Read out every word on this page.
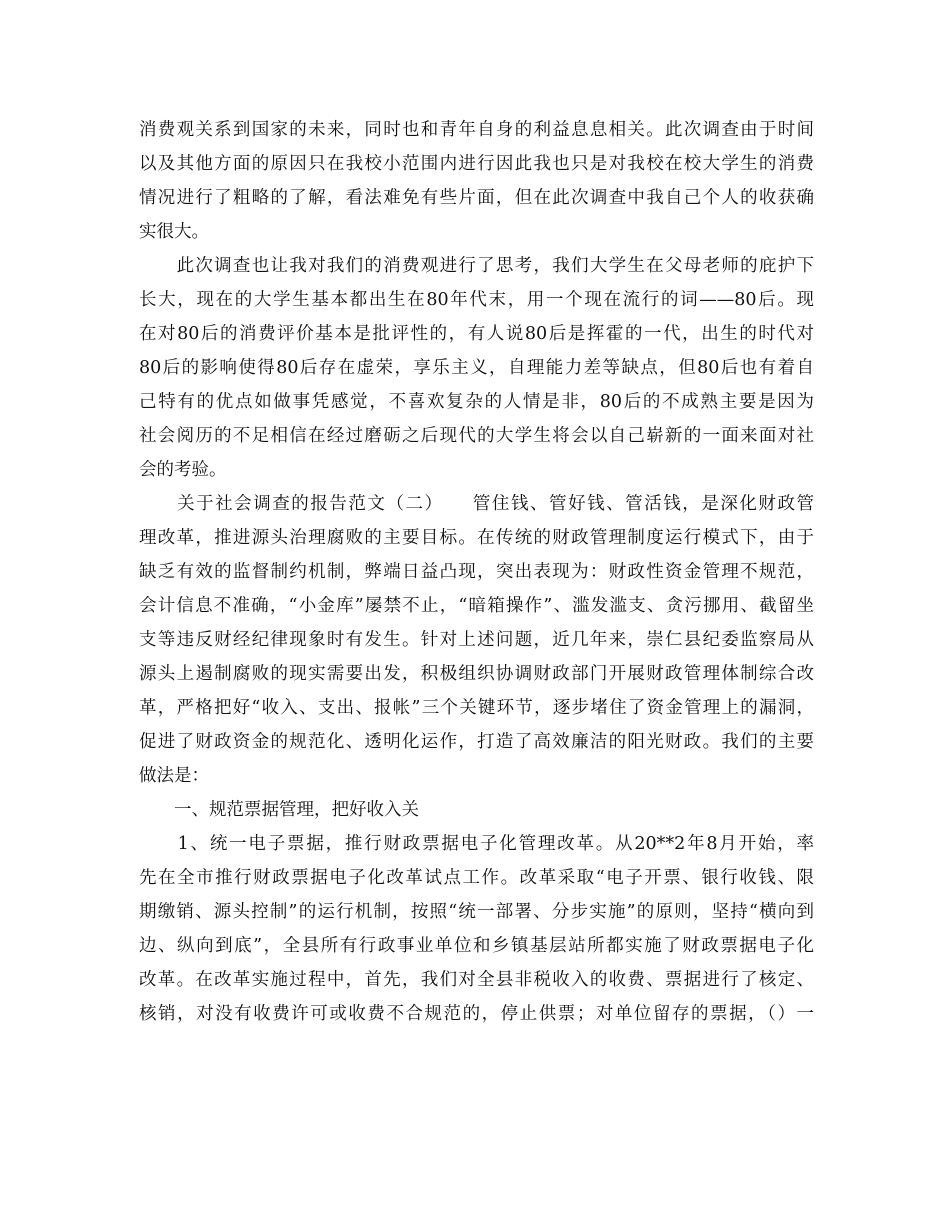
消费观关系到国家的未来，同时也和青年自身的利益息息相关。此次调查由于时间
以及其他方面的原因只在我校小范围内进行因此我也只是对我校在校大学生的消费
情况进行了粗略的了解，看法难免有些片面，但在此次调查中我自己个人的收获确
实很大。
　　此次调查也让我对我们的消费观进行了思考，我们大学生在父母老师的庇护下
长大，现在的大学生基本都出生在80年代末，用一个现在流行的词——80后。现
在对80后的消费评价基本是批评性的，有人说80后是挥霍的一代，出生的时代对
80后的影响使得80后存在虚荣，享乐主义，自理能力差等缺点，但80后也有着自
己特有的优点如做事凭感觉，不喜欢复杂的人情是非，80后的不成熟主要是因为
社会阅历的不足相信在经过磨砺之后现代的大学生将会以自己崭新的一面来面对社
会的考验。
　　关于社会调查的报告范文（二）　　管住钱、管好钱、管活钱，是深化财政管
理改革，推进源头治理腐败的主要目标。在传统的财政管理制度运行模式下，由于
缺乏有效的监督制约机制，弊端日益凸现，突出表现为：财政性资金管理不规范，
会计信息不准确，“小金库”屡禁不止，“暗箱操作”、滥发滥支、贪污挪用、截留坐
支等违反财经纪律现象时有发生。针对上述问题，近几年来，崇仁县纪委监察局从
源头上遏制腐败的现实需要出发，积极组织协调财政部门开展财政管理体制综合改
革，严格把好“收入、支出、报帐”三个关键环节，逐步堵住了资金管理上的漏洞，
促进了财政资金的规范化、透明化运作，打造了高效廉洁的阳光财政。我们的主要
做法是：
　　一、规范票据管理，把好收入关
　　1、统一电子票据，推行财政票据电子化管理改革。从20**2年8月开始，率
先在全市推行财政票据电子化改革试点工作。改革采取“电子开票、银行收钱、限
期缴销、源头控制”的运行机制，按照“统一部署、分步实施”的原则，坚持“横向到
边、纵向到底”，全县所有行政事业单位和乡镇基层站所都实施了财政票据电子化
改革。在改革实施过程中，首先，我们对全县非税收入的收费、票据进行了核定、
核销，对没有收费许可或收费不合规范的，停止供票；对单位留存的票据，（）一
